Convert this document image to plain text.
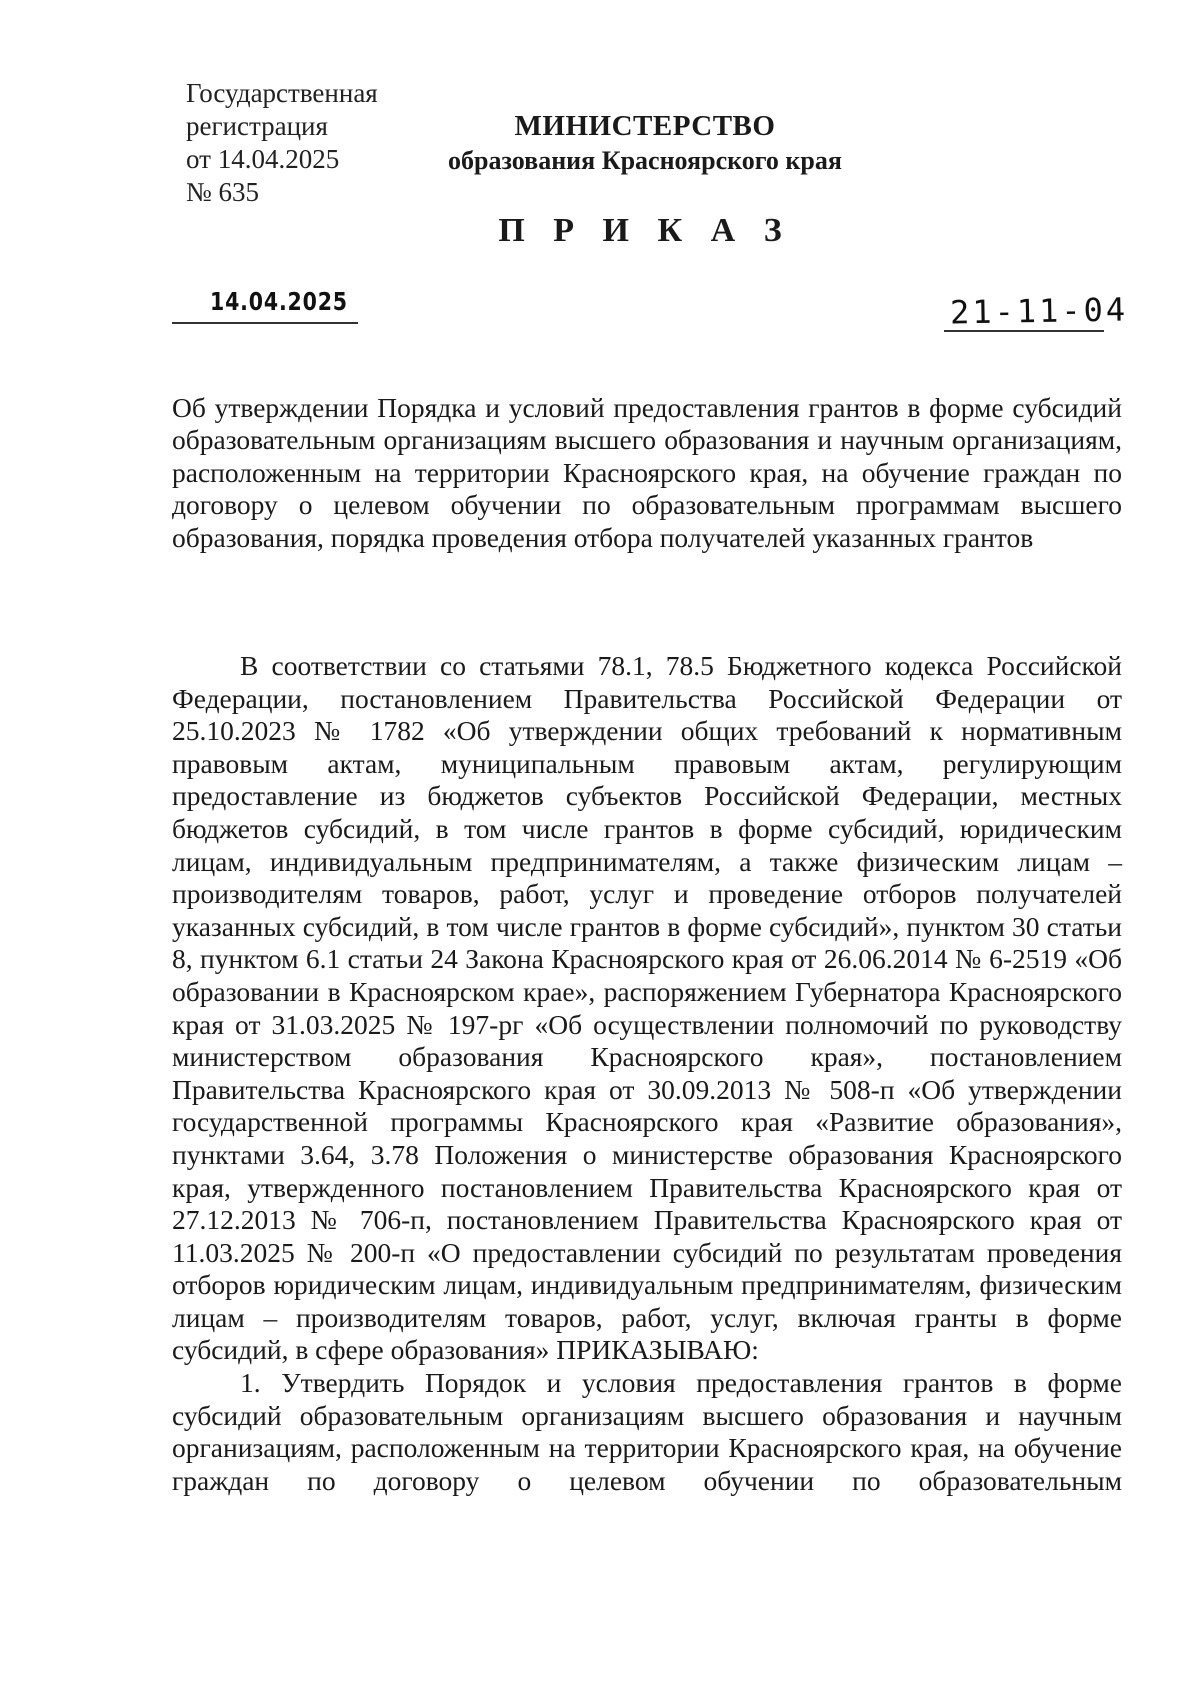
Государственная
регистрация
от 14.04.2025
№ 635
МИНИСТЕРСТВО
образования Красноярского края
П Р И К А З
14.04.2025	21-11-04
Об утверждении Порядка и условий предоставления грантов в форме субсидий образовательным организациям высшего образования и научным организациям, расположенным на территории Красноярского края, на обучение граждан по договору о целевом обучении по образовательным программам высшего образования, порядка проведения отбора получателей указанных грантов

В соответствии со статьями 78.1, 78.5 Бюджетного кодекса Российской Федерации, постановлением Правительства Российской Федерации от 25.10.2023 № 1782 «Об утверждении общих требований к нормативным правовым актам, муниципальным правовым актам, регулирующим предоставление из бюджетов субъектов Российской Федерации, местных бюджетов субсидий, в том числе грантов в форме субсидий, юридическим лицам, индивидуальным предпринимателям, а также физическим лицам – производителям товаров, работ, услуг и проведение отборов получателей указанных субсидий, в том числе грантов в форме субсидий», пунктом 30 статьи 8, пунктом 6.1 статьи 24 Закона Красноярского края от 26.06.2014 № 6-2519 «Об образовании в Красноярском крае», распоряжением Губернатора Красноярского края от 31.03.2025 № 197-рг «Об осуществлении полномочий по руководству министерством образования Красноярского края», постановлением Правительства Красноярского края от 30.09.2013 № 508-п «Об утверждении государственной программы Красноярского края «Развитие образования», пунктами 3.64, 3.78 Положения о министерстве образования Красноярского края, утвержденного постановлением Правительства Красноярского края от 27.12.2013 № 706-п, постановлением Правительства Красноярского края от 11.03.2025 № 200-п «О предоставлении субсидий по результатам проведения отборов юридическим лицам, индивидуальным предпринимателям, физическим лицам – производителям товаров, работ, услуг, включая гранты в форме субсидий, в сфере образования» ПРИКАЗЫВАЮ:

1. Утвердить Порядок и условия предоставления грантов в форме субсидий образовательным организациям высшего образования и научным организациям, расположенным на территории Красноярского края, на обучение граждан по договору о целевом обучении по образовательным
